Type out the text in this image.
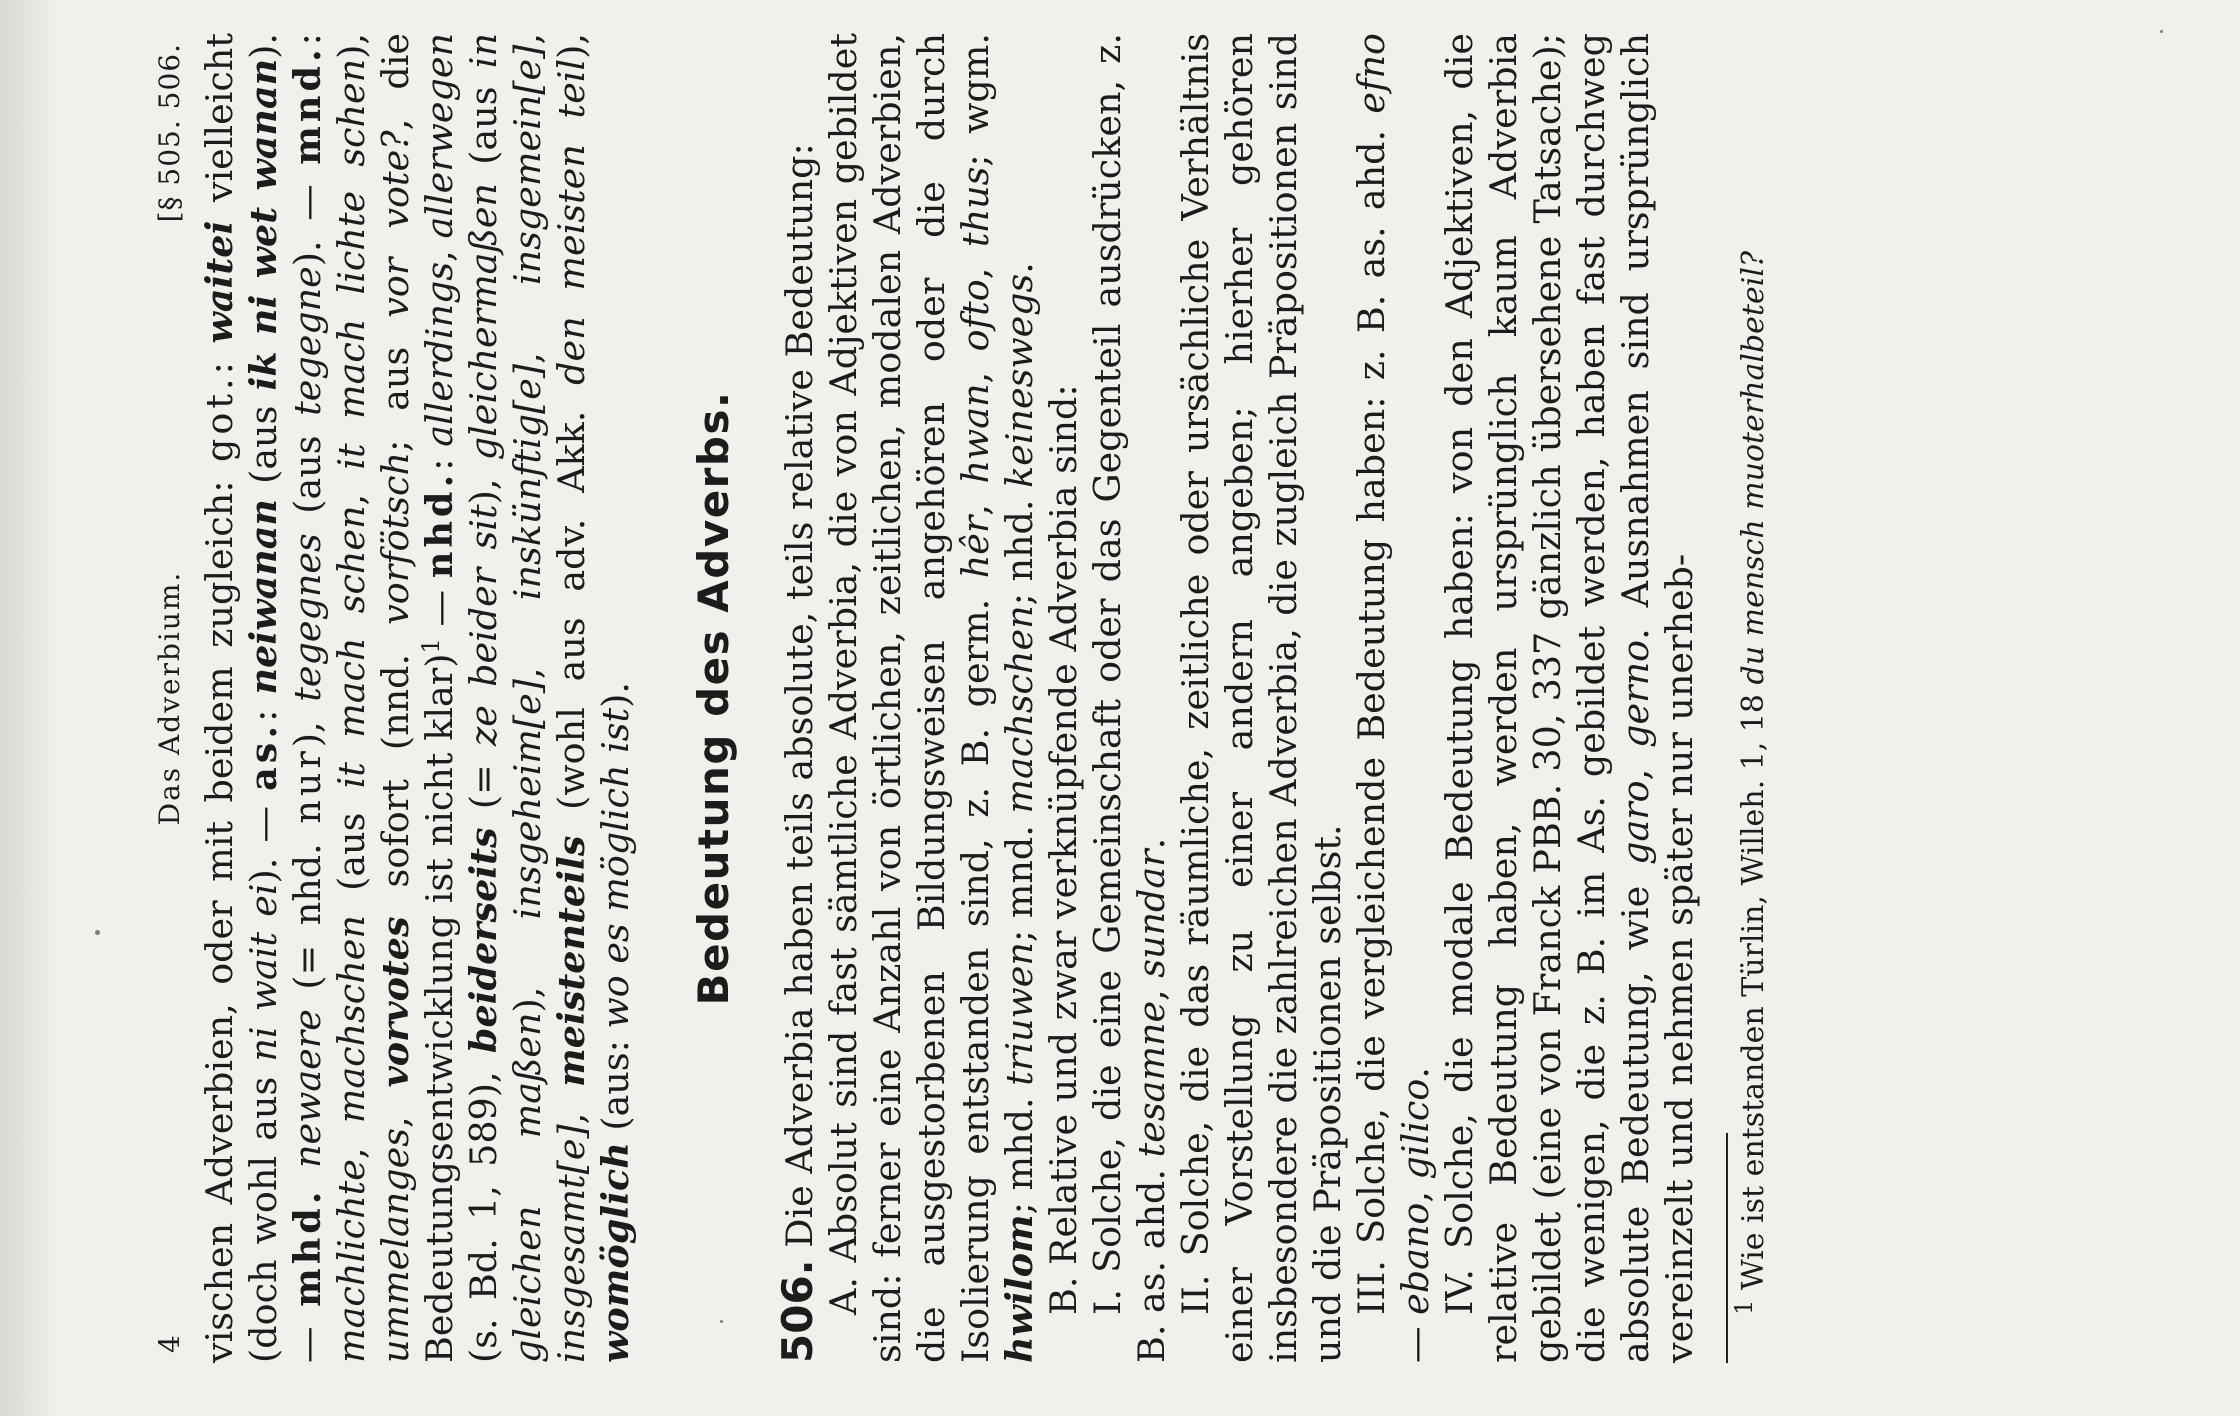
4
Das Adverbium.
[§ 505. 506.

vischen Adverbien, oder mit beidem zugleich: got.: waitei vielleicht (doch wohl aus ni wait ei). — as.: neiwanan (aus ik ni wet wanan). — mhd. newaere (= nhd. nur), tegegnes (aus tegegne). — mnd.: machlichte, machschen (aus it mach schen, it mach lichte schen), ummelanges, vorvotes sofort (nnd. vorfötsch; aus vor vote?, die Bedeutungsentwicklung ist nicht klar)$^1$ — nhd.: allerdings, allerwegen (s. Bd. 1, 589), beiderseits (= ze beider sit), gleichermaßen (aus in gleichen maßen), insgeheim[e], inskünftig[e], insgemein[e], insgesamt[e], meistenteils (wohl aus adv. Akk. den meisten teil), womöglich (aus: wo es möglich ist). Bedeutung des Adverbs.

506. Die Adverbia haben teils absolute, teils relative Bedeutung: A. Absolut sind fast sämtliche Adverbia, die von Adjektiven gebildet sind: ferner eine Anzahl von örtlichen, zeitlichen, modalen Adverbien, die ausgestorbenen Bildungsweisen angehören oder die durch Isolierung entstanden sind, z. B. germ. hêr, hwan, ofto, thus; wgm. hwilom; mhd. triuwen; mnd. machschen; nhd. keineswegs.

B. Relative und zwar verknüpfende Adverbia sind: I. Solche, die eine Gemeinschaft oder das Gegenteil ausdrücken, z. B. as. ahd. tesamne, sundar. II. Solche, die das räumliche, zeitliche oder ursächliche Verhältnis einer Vorstellung zu einer andern angeben; hierher gehören insbesondere die zahlreichen Adverbia, die zugleich Präpositionen sind und die Präpositionen selbst. III. Solche, die vergleichende Bedeutung haben: z. B. as. ahd. efno — ebano, gilico. IV. Solche, die modale Bedeutung haben: von den Adjektiven, die relative Bedeutung haben, werden ursprünglich kaum Adverbia gebildet (eine von Franck PBB. 30, 337 gänzlich übersehene Tatsache); die wenigen, die z. B. im As. gebildet werden, haben fast durchweg absolute Bedeutung, wie garo, gerno. Ausnahmen sind ursprünglich vereinzelt und nehmen später nur unerheb- $^1$ Wie ist entstanden Türlin, Willeh. 1, 18 du mensch muoterhalbeteil?
